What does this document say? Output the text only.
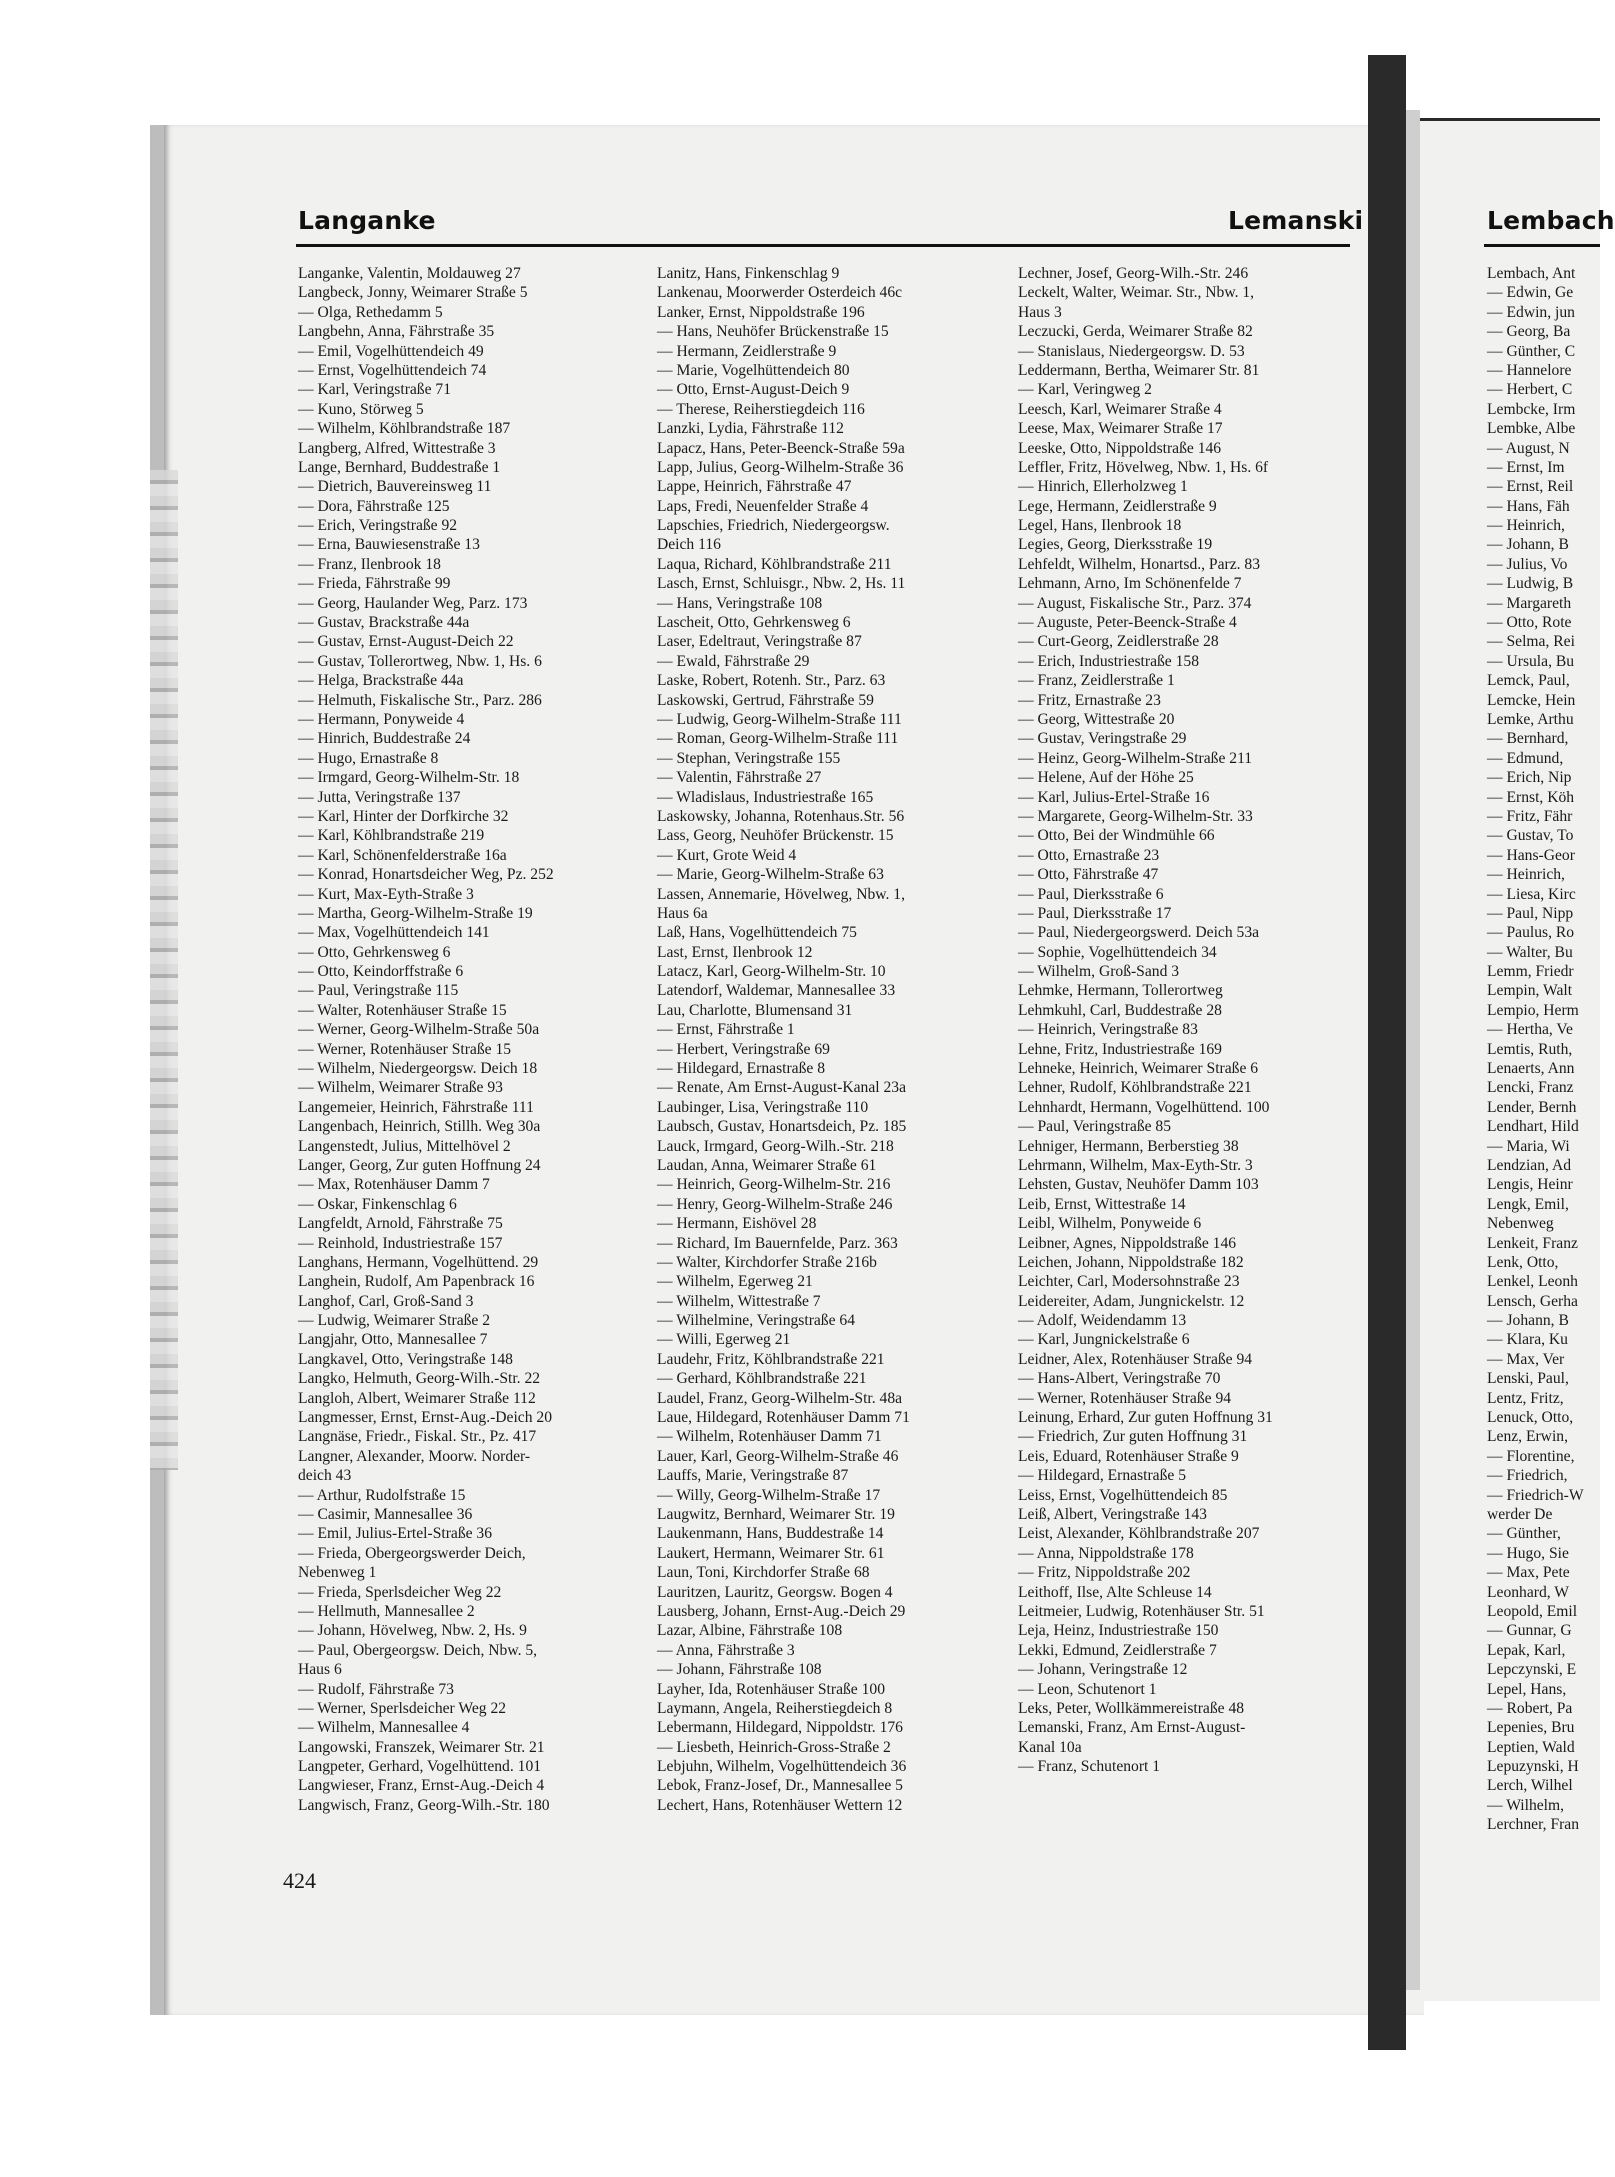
Langanke	Lemanski	Lembach
Langanke, Valentin, Moldauweg 27
Langbeck, Jonny, Weimarer Straße 5
— Olga, Rethedamm 5
Langbehn, Anna, Fährstraße 35
— Emil, Vogelhüttendeich 49
— Ernst, Vogelhüttendeich 74
— Karl, Veringstraße 71
— Kuno, Störweg 5
— Wilhelm, Köhlbrandstraße 187
Langberg, Alfred, Wittestraße 3
Lange, Bernhard, Buddestraße 1
— Dietrich, Bauvereinsweg 11
— Dora, Fährstraße 125
— Erich, Veringstraße 92
— Erna, Bauwiesenstraße 13
— Franz, Ilenbrook 18
— Frieda, Fährstraße 99
— Georg, Haulander Weg, Parz. 173
— Gustav, Brackstraße 44a
— Gustav, Ernst-August-Deich 22
— Gustav, Tollerortweg, Nbw. 1, Hs. 6
— Helga, Brackstraße 44a
— Helmuth, Fiskalische Str., Parz. 286
— Hermann, Ponyweide 4
— Hinrich, Buddestraße 24
— Hugo, Ernastraße 8
— Irmgard, Georg-Wilhelm-Str. 18
— Jutta, Veringstraße 137
— Karl, Hinter der Dorfkirche 32
— Karl, Köhlbrandstraße 219
— Karl, Schönenfelderstraße 16a
— Konrad, Honartsdeicher Weg, Pz. 252
— Kurt, Max-Eyth-Straße 3
— Martha, Georg-Wilhelm-Straße 19
— Max, Vogelhüttendeich 141
— Otto, Gehrkensweg 6
— Otto, Keindorffstraße 6
— Paul, Veringstraße 115
— Walter, Rotenhäuser Straße 15
— Werner, Georg-Wilhelm-Straße 50a
— Werner, Rotenhäuser Straße 15
— Wilhelm, Niedergeorgsw. Deich 18
— Wilhelm, Weimarer Straße 93
Langemeier, Heinrich, Fährstraße 111
Langenbach, Heinrich, Stillh. Weg 30a
Langenstedt, Julius, Mittelhövel 2
Langer, Georg, Zur guten Hoffnung 24
— Max, Rotenhäuser Damm 7
— Oskar, Finkenschlag 6
Langfeldt, Arnold, Fährstraße 75
— Reinhold, Industriestraße 157
Langhans, Hermann, Vogelhüttend. 29
Langhein, Rudolf, Am Papenbrack 16
Langhof, Carl, Groß-Sand 3
— Ludwig, Weimarer Straße 2
Langjahr, Otto, Mannesallee 7
Langkavel, Otto, Veringstraße 148
Langko, Helmuth, Georg-Wilh.-Str. 22
Langloh, Albert, Weimarer Straße 112
Langmesser, Ernst, Ernst-Aug.-Deich 20
Langnäse, Friedr., Fiskal. Str., Pz. 417
Langner, Alexander, Moorw. Norder-
deich 43
— Arthur, Rudolfstraße 15
— Casimir, Mannesallee 36
— Emil, Julius-Ertel-Straße 36
— Frieda, Obergeorgswerder Deich,
Nebenweg 1
— Frieda, Sperlsdeicher Weg 22
— Hellmuth, Mannesallee 2
— Johann, Hövelweg, Nbw. 2, Hs. 9
— Paul, Obergeorgsw. Deich, Nbw. 5,
Haus 6
— Rudolf, Fährstraße 73
— Werner, Sperlsdeicher Weg 22
— Wilhelm, Mannesallee 4
Langowski, Franszek, Weimarer Str. 21
Langpeter, Gerhard, Vogelhüttend. 101
Langwieser, Franz, Ernst-Aug.-Deich 4
Langwisch, Franz, Georg-Wilh.-Str. 180
Lanitz, Hans, Finkenschlag 9
Lankenau, Moorwerder Osterdeich 46c
Lanker, Ernst, Nippoldstraße 196
— Hans, Neuhöfer Brückenstraße 15
— Hermann, Zeidlerstraße 9
— Marie, Vogelhüttendeich 80
— Otto, Ernst-August-Deich 9
— Therese, Reiherstiegdeich 116
Lanzki, Lydia, Fährstraße 112
Lapacz, Hans, Peter-Beenck-Straße 59a
Lapp, Julius, Georg-Wilhelm-Straße 36
Lappe, Heinrich, Fährstraße 47
Laps, Fredi, Neuenfelder Straße 4
Lapschies, Friedrich, Niedergeorgsw.
Deich 116
Laqua, Richard, Köhlbrandstraße 211
Lasch, Ernst, Schluisgr., Nbw. 2, Hs. 11
— Hans, Veringstraße 108
Lascheit, Otto, Gehrkensweg 6
Laser, Edeltraut, Veringstraße 87
— Ewald, Fährstraße 29
Laske, Robert, Rotenh. Str., Parz. 63
Laskowski, Gertrud, Fährstraße 59
— Ludwig, Georg-Wilhelm-Straße 111
— Roman, Georg-Wilhelm-Straße 111
— Stephan, Veringstraße 155
— Valentin, Fährstraße 27
— Wladislaus, Industriestraße 165
Laskowsky, Johanna, Rotenhaus.Str. 56
Lass, Georg, Neuhöfer Brückenstr. 15
— Kurt, Grote Weid 4
— Marie, Georg-Wilhelm-Straße 63
Lassen, Annemarie, Hövelweg, Nbw. 1,
Haus 6a
Laß, Hans, Vogelhüttendeich 75
Last, Ernst, Ilenbrook 12
Latacz, Karl, Georg-Wilhelm-Str. 10
Latendorf, Waldemar, Mannesallee 33
Lau, Charlotte, Blumensand 31
— Ernst, Fährstraße 1
— Herbert, Veringstraße 69
— Hildegard, Ernastraße 8
— Renate, Am Ernst-August-Kanal 23a
Laubinger, Lisa, Veringstraße 110
Laubsch, Gustav, Honartsdeich, Pz. 185
Lauck, Irmgard, Georg-Wilh.-Str. 218
Laudan, Anna, Weimarer Straße 61
— Heinrich, Georg-Wilhelm-Str. 216
— Henry, Georg-Wilhelm-Straße 246
— Hermann, Eishövel 28
— Richard, Im Bauernfelde, Parz. 363
— Walter, Kirchdorfer Straße 216b
— Wilhelm, Egerweg 21
— Wilhelm, Wittestraße 7
— Wilhelmine, Veringstraße 64
— Willi, Egerweg 21
Laudehr, Fritz, Köhlbrandstraße 221
— Gerhard, Köhlbrandstraße 221
Laudel, Franz, Georg-Wilhelm-Str. 48a
Laue, Hildegard, Rotenhäuser Damm 71
— Wilhelm, Rotenhäuser Damm 71
Lauer, Karl, Georg-Wilhelm-Straße 46
Lauffs, Marie, Veringstraße 87
— Willy, Georg-Wilhelm-Straße 17
Laugwitz, Bernhard, Weimarer Str. 19
Laukenmann, Hans, Buddestraße 14
Laukert, Hermann, Weimarer Str. 61
Laun, Toni, Kirchdorfer Straße 68
Lauritzen, Lauritz, Georgsw. Bogen 4
Lausberg, Johann, Ernst-Aug.-Deich 29
Lazar, Albine, Fährstraße 108
— Anna, Fährstraße 3
— Johann, Fährstraße 108
Layher, Ida, Rotenhäuser Straße 100
Laymann, Angela, Reiherstiegdeich 8
Lebermann, Hildegard, Nippoldstr. 176
— Liesbeth, Heinrich-Gross-Straße 2
Lebjuhn, Wilhelm, Vogelhüttendeich 36
Lebok, Franz-Josef, Dr., Mannesallee 5
Lechert, Hans, Rotenhäuser Wettern 12
Lechner, Josef, Georg-Wilh.-Str. 246
Leckelt, Walter, Weimar. Str., Nbw. 1,
Haus 3
Leczucki, Gerda, Weimarer Straße 82
— Stanislaus, Niedergeorgsw. D. 53
Leddermann, Bertha, Weimarer Str. 81
— Karl, Veringweg 2
Leesch, Karl, Weimarer Straße 4
Leese, Max, Weimarer Straße 17
Leeske, Otto, Nippoldstraße 146
Leffler, Fritz, Hövelweg, Nbw. 1, Hs. 6f
— Hinrich, Ellerholzweg 1
Lege, Hermann, Zeidlerstraße 9
Legel, Hans, Ilenbrook 18
Legies, Georg, Dierksstraße 19
Lehfeldt, Wilhelm, Honartsd., Parz. 83
Lehmann, Arno, Im Schönenfelde 7
— August, Fiskalische Str., Parz. 374
— Auguste, Peter-Beenck-Straße 4
— Curt-Georg, Zeidlerstraße 28
— Erich, Industriestraße 158
— Franz, Zeidlerstraße 1
— Fritz, Ernastraße 23
— Georg, Wittestraße 20
— Gustav, Veringstraße 29
— Heinz, Georg-Wilhelm-Straße 211
— Helene, Auf der Höhe 25
— Karl, Julius-Ertel-Straße 16
— Margarete, Georg-Wilhelm-Str. 33
— Otto, Bei der Windmühle 66
— Otto, Ernastraße 23
— Otto, Fährstraße 47
— Paul, Dierksstraße 6
— Paul, Dierksstraße 17
— Paul, Niedergeorgswerd. Deich 53a
— Sophie, Vogelhüttendeich 34
— Wilhelm, Groß-Sand 3
Lehmke, Hermann, Tollerortweg
Lehmkuhl, Carl, Buddestraße 28
— Heinrich, Veringstraße 83
Lehne, Fritz, Industriestraße 169
Lehneke, Heinrich, Weimarer Straße 6
Lehner, Rudolf, Köhlbrandstraße 221
Lehnhardt, Hermann, Vogelhüttend. 100
— Paul, Veringstraße 85
Lehniger, Hermann, Berberstieg 38
Lehrmann, Wilhelm, Max-Eyth-Str. 3
Lehsten, Gustav, Neuhöfer Damm 103
Leib, Ernst, Wittestraße 14
Leibl, Wilhelm, Ponyweide 6
Leibner, Agnes, Nippoldstraße 146
Leichen, Johann, Nippoldstraße 182
Leichter, Carl, Modersohnstraße 23
Leidereiter, Adam, Jungnickelstr. 12
— Adolf, Weidendamm 13
— Karl, Jungnickelstraße 6
Leidner, Alex, Rotenhäuser Straße 94
— Hans-Albert, Veringstraße 70
— Werner, Rotenhäuser Straße 94
Leinung, Erhard, Zur guten Hoffnung 31
— Friedrich, Zur guten Hoffnung 31
Leis, Eduard, Rotenhäuser Straße 9
— Hildegard, Ernastraße 5
Leiss, Ernst, Vogelhüttendeich 85
Leiß, Albert, Veringstraße 143
Leist, Alexander, Köhlbrandstraße 207
— Anna, Nippoldstraße 178
— Fritz, Nippoldstraße 202
Leithoff, Ilse, Alte Schleuse 14
Leitmeier, Ludwig, Rotenhäuser Str. 51
Leja, Heinz, Industriestraße 150
Lekki, Edmund, Zeidlerstraße 7
— Johann, Veringstraße 12
— Leon, Schutenort 1
Leks, Peter, Wollkämmereistraße 48
Lemanski, Franz, Am Ernst-August-
Kanal 10a
— Franz, Schutenort 1
Lembach, Ant
— Edwin, Ge
— Edwin, jun
— Georg, Ba
— Günther, C
— Hannelore
— Herbert, C
Lembcke, Irm
Lembke, Albe
— August, N
— Ernst, Im
— Ernst, Reil
— Hans, Fäh
— Heinrich,
— Johann, B
— Julius, Vo
— Ludwig, B
— Margareth
— Otto, Rote
— Selma, Rei
— Ursula, Bu
Lemck, Paul,
Lemcke, Hein
Lemke, Arthu
— Bernhard,
— Edmund,
— Erich, Nip
— Ernst, Köh
— Fritz, Fähr
— Gustav, To
— Hans-Geor
— Heinrich,
— Liesa, Kirc
— Paul, Nipp
— Paulus, Ro
— Walter, Bu
Lemm, Friedr
Lempin, Walt
Lempio, Herm
— Hertha, Ve
Lemtis, Ruth,
Lenaerts, Ann
Lencki, Franz
Lender, Bernh
Lendhart, Hild
— Maria, Wi
Lendzian, Ad
Lengis, Heinr
Lengk, Emil,
Nebenweg
Lenkeit, Franz
Lenk, Otto,
Lenkel, Leonh
Lensch, Gerha
— Johann, B
— Klara, Ku
— Max, Ver
Lenski, Paul,
Lentz, Fritz,
Lenuck, Otto,
Lenz, Erwin,
— Florentine,
— Friedrich,
— Friedrich-W
werder De
— Günther,
— Hugo, Sie
— Max, Pete
Leonhard, W
Leopold, Emil
— Gunnar, G
Lepak, Karl,
Lepczynski, E
Lepel, Hans,
— Robert, Pa
Lepenies, Bru
Leptien, Wald
Lepuzynski, H
Lerch, Wilhel
— Wilhelm,
Lerchner, Fran
424
